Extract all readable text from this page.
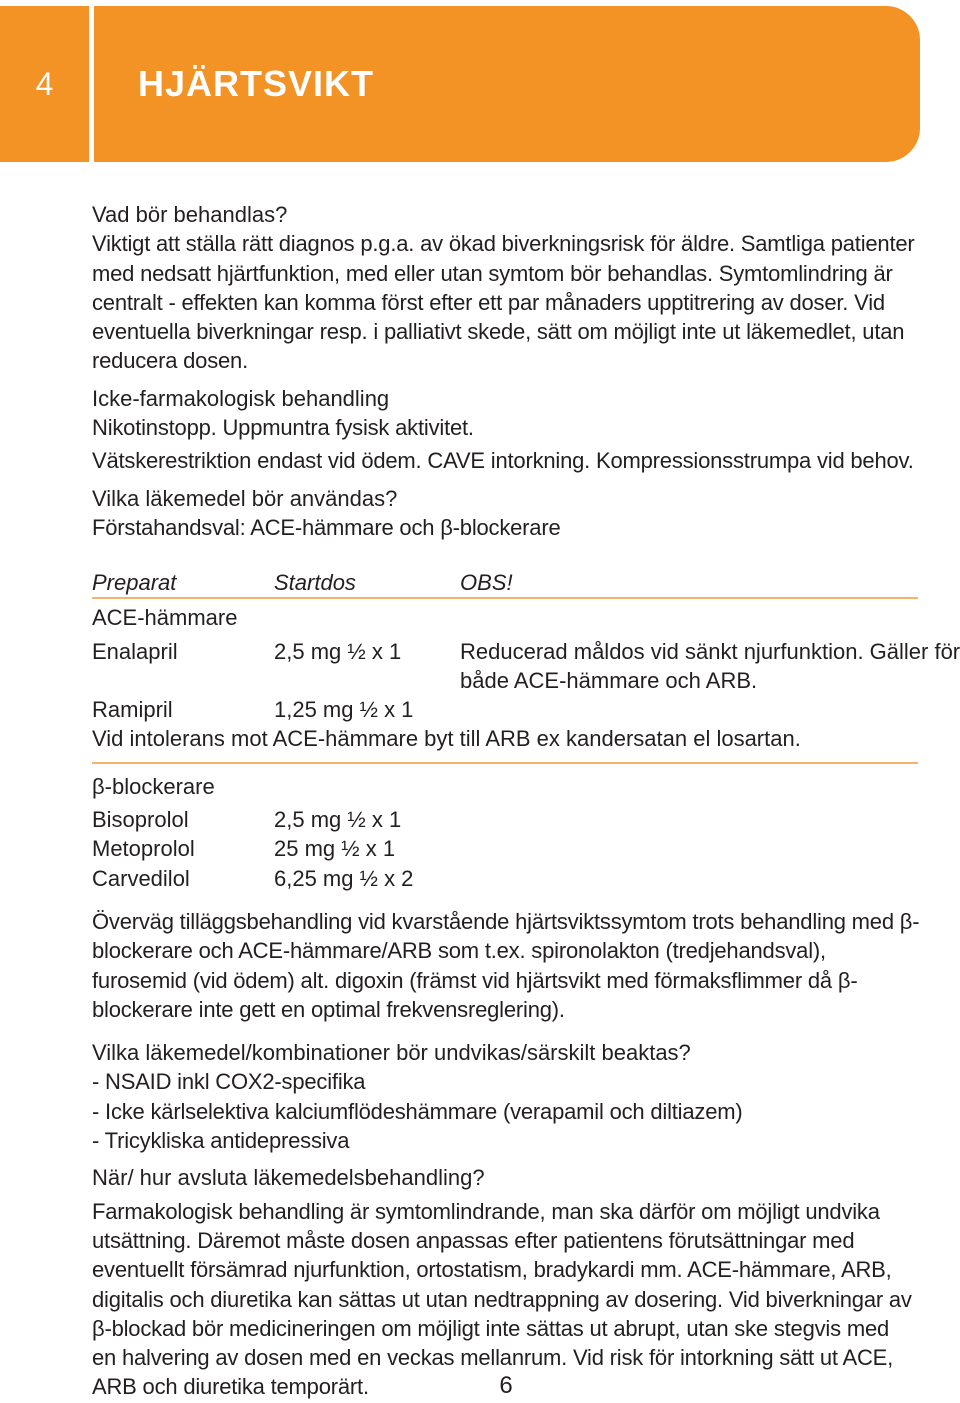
4	HJÄRTSVIKT
Vad bör behandlas?

Viktigt att ställa rätt diagnos p.g.a. av ökad biverkningsrisk för äldre. Samtliga patienter med nedsatt hjärtfunktion, med eller utan symtom bör behandlas. Symtomlindring är centralt - effekten kan komma först efter ett par månaders upptitrering av doser. Vid eventuella biverkningar resp. i palliativt skede, sätt om möjligt inte ut läkemedlet, utan reducera dosen.

Icke-farmakologisk behandling

Nikotinstopp. Uppmuntra fysisk aktivitet.

Vätskerestriktion endast vid ödem. CAVE intorkning. Kompressionsstrumpa vid behov.

Vilka läkemedel bör användas?

Förstahandsval: ACE-hämmare och β-blockerare

Preparat	Startdos	OBS!
ACE-hämmare
Enalapril	2,5 mg ½ x 1	Reducerad måldos vid sänkt njurfunktion. Gäller för både ACE-hämmare och ARB.
Ramipril	1,25 mg ½ x 1
Vid intolerans mot ACE-hämmare byt till ARB ex kandersatan el losartan.
β-blockerare
Bisoprolol	2,5 mg ½ x 1
Metoprolol	25 mg ½ x 1
Carvedilol	6,25 mg ½ x 2

Överväg tilläggsbehandling vid kvarstående hjärtsviktssymtom trots behandling med β-blockerare och ACE-hämmare/ARB som t.ex. spironolakton (tredjehandsval), furosemid (vid ödem) alt. digoxin (främst vid hjärtsvikt med förmaksflimmer då β-blockerare inte gett en optimal frekvensreglering).

Vilka läkemedel/kombinationer bör undvikas/särskilt beaktas?

- NSAID inkl COX2-specifika

- Icke kärlselektiva kalciumflödeshämmare (verapamil och diltiazem)

- Tricykliska antidepressiva

När/ hur avsluta läkemedelsbehandling?

Farmakologisk behandling är symtomlindrande, man ska därför om möjligt undvika utsättning. Däremot måste dosen anpassas efter patientens förutsättningar med eventuellt försämrad njurfunktion, ortostatism, bradykardi mm. ACE-hämmare, ARB, digitalis och diuretika kan sättas ut utan nedtrappning av dosering. Vid biverkningar av β-blockad bör medicineringen om möjligt inte sättas ut abrupt, utan ske stegvis med en halvering av dosen med en veckas mellanrum. Vid risk för intorkning sätt ut ACE, ARB och diuretika temporärt.	6
